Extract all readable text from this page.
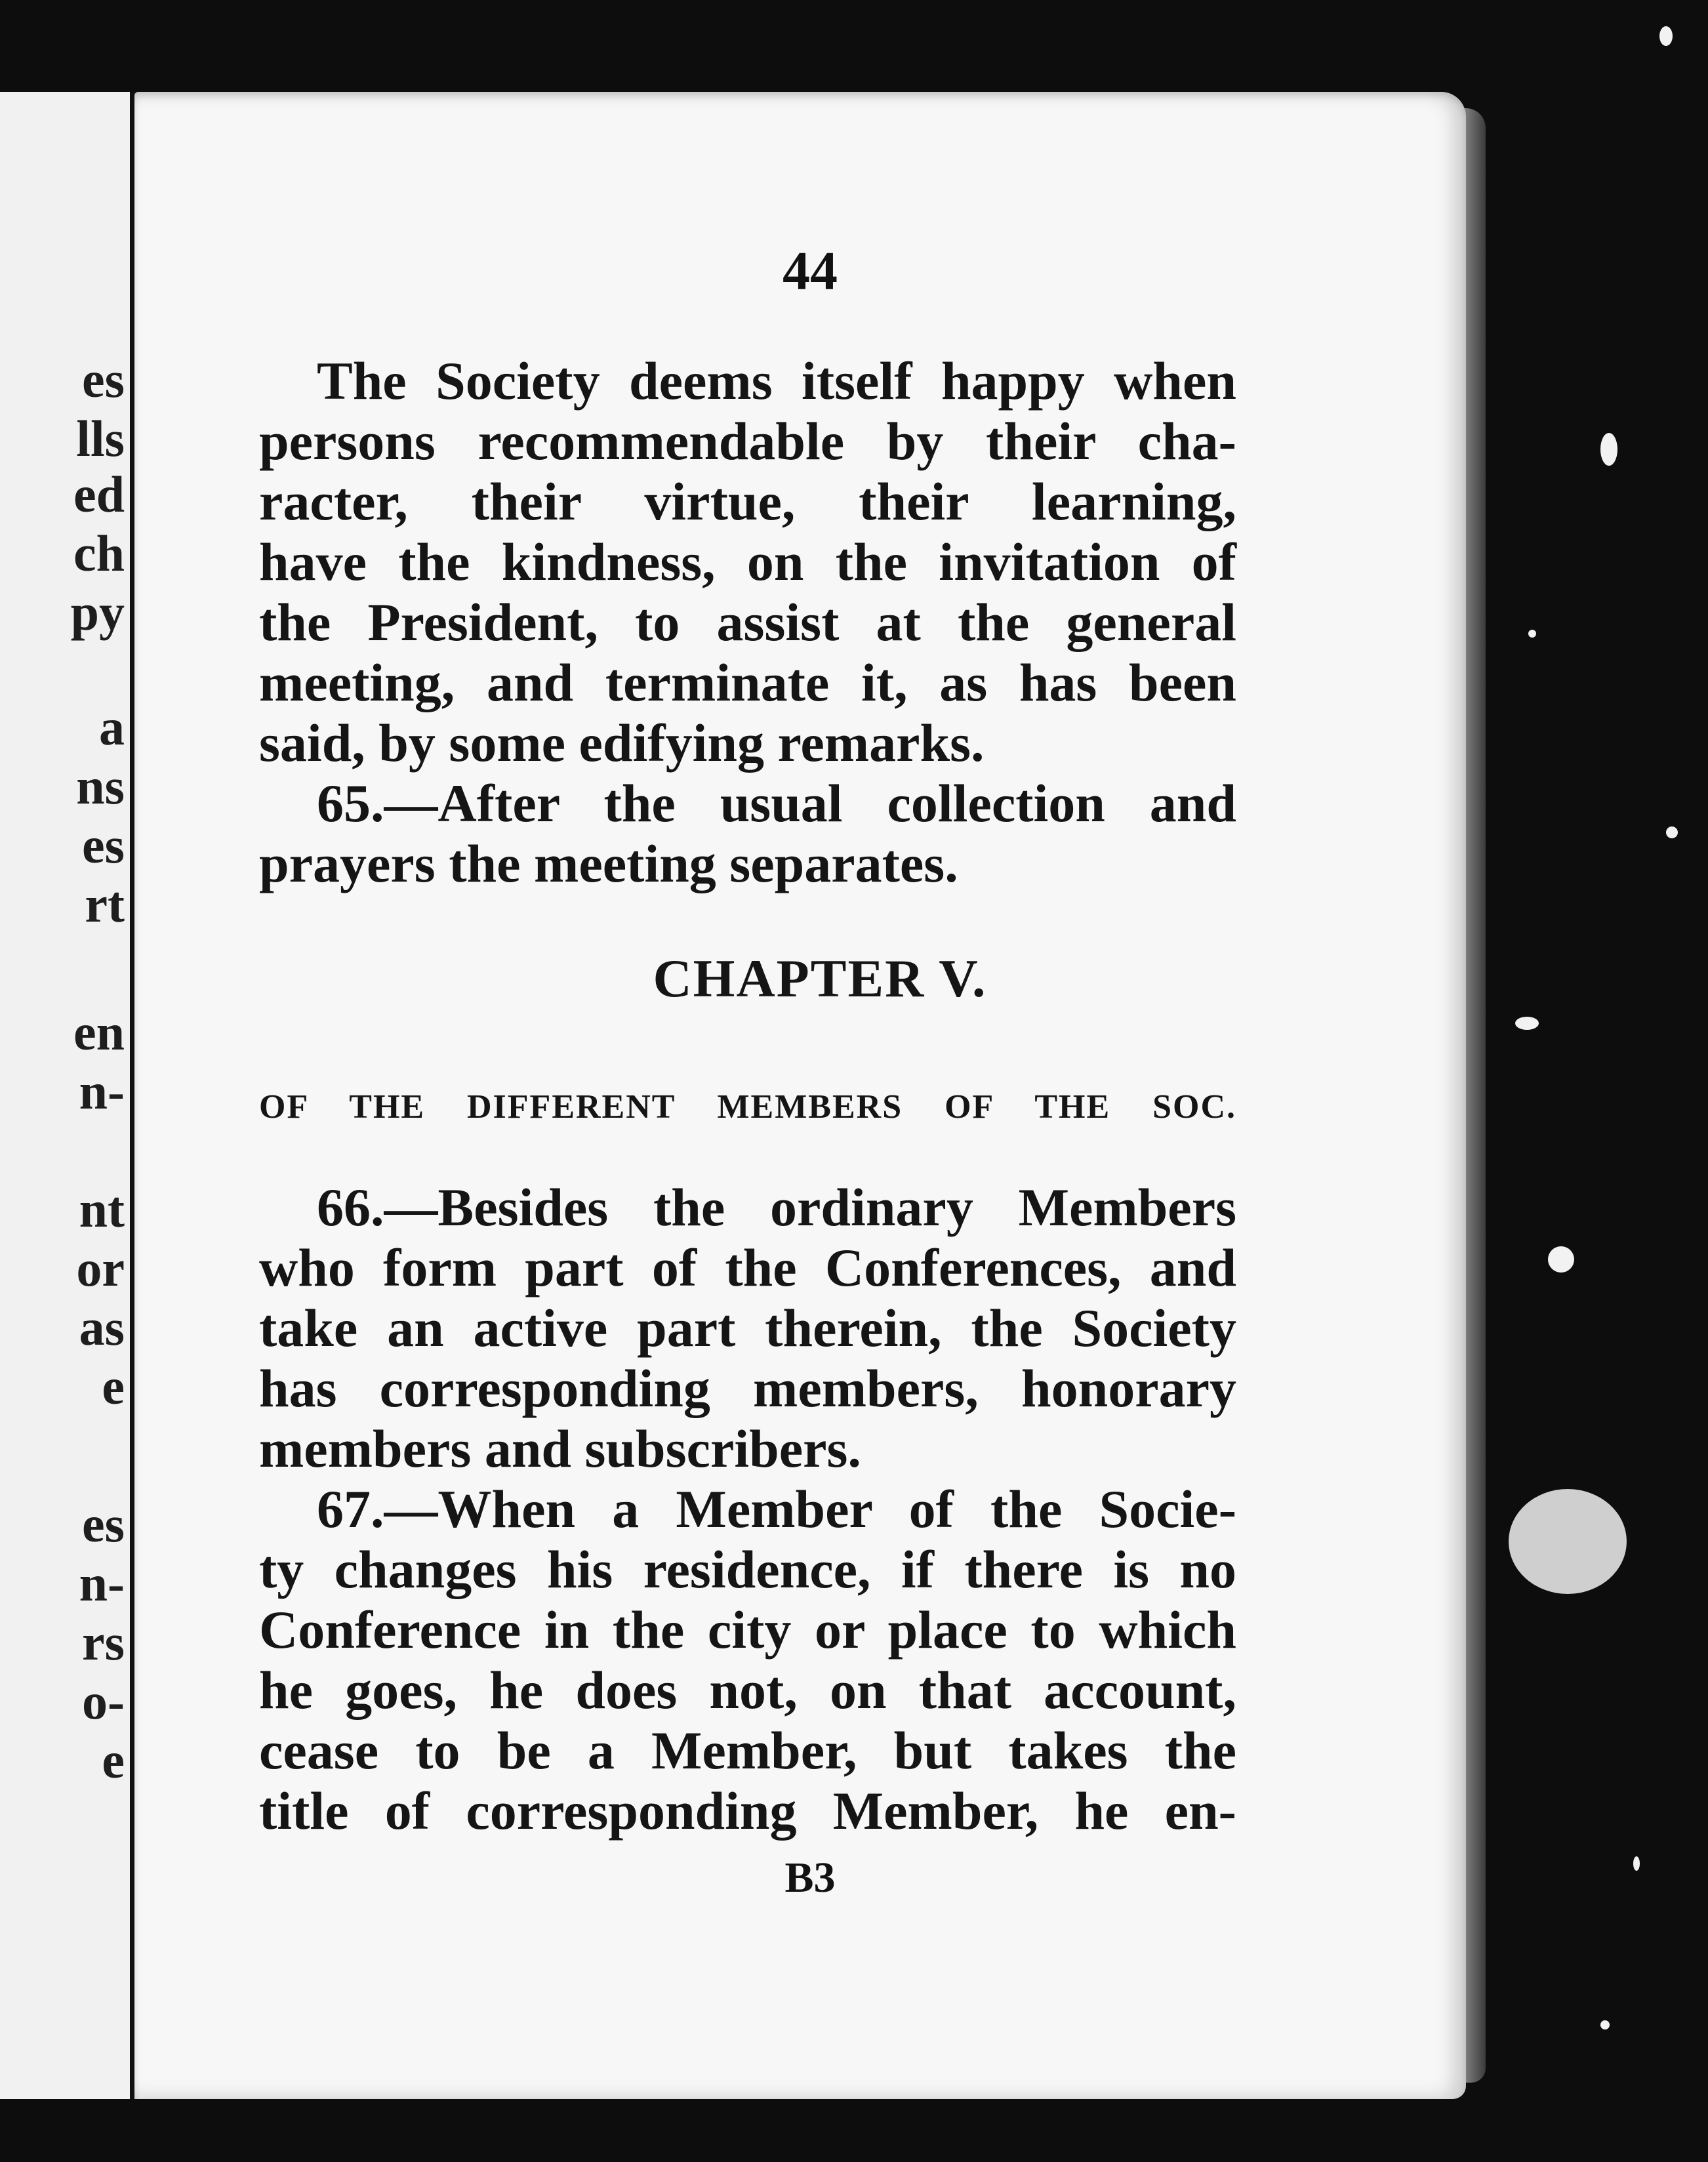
es
lls
ed
ch
py
a
ns
es
rt
en
n-
nt
or
as
e
es
n-
rs
o-
e
44
The Society deems itself happy when
persons recommendable by their cha-
racter, their virtue, their learning,
have the kindness, on the invitation of
the President, to assist at the general
meeting, and terminate it, as has been
said, by some edifying remarks.
65.—After the usual collection and
prayers the meeting separates.
CHAPTER V.
OF THE DIFFERENT MEMBERS OF THE SOC.
66.—Besides the ordinary Members
who form part of the Conferences, and
take an active part therein, the Society
has corresponding members, honorary
members and subscribers.
67.—When a Member of the Socie-
ty changes his residence, if there is no
Conference in the city or place to which
he goes, he does not, on that account,
cease to be a Member, but takes the
title of corresponding Member, he en-
B3
